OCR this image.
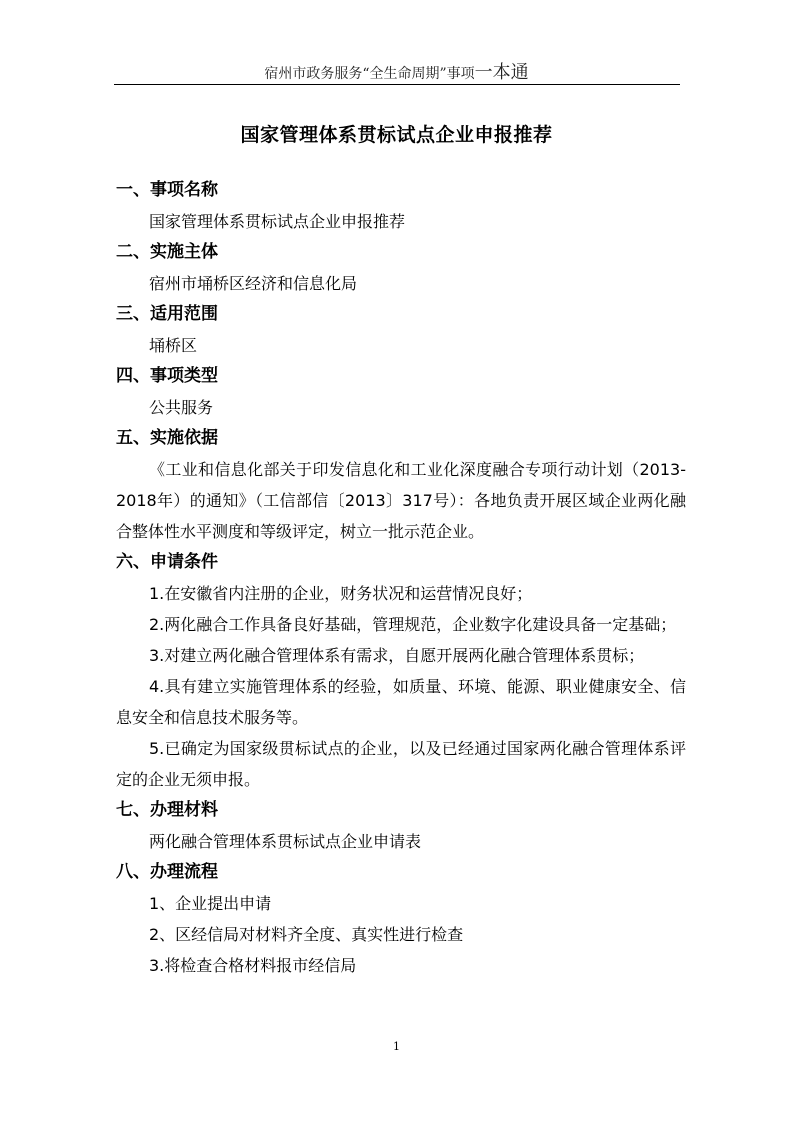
宿州市政务服务“全生命周期”事项一本通
国家管理体系贯标试点企业申报推荐
一、事项名称
国家管理体系贯标试点企业申报推荐
二、实施主体
宿州市埇桥区经济和信息化局
三、适用范围
埇桥区
四、事项类型
公共服务
五、实施依据
《工业和信息化部关于印发信息化和工业化深度融合专项行动计划（2013-2018年）的通知》（工信部信〔2013〕317号）：各地负责开展区域企业两化融合整体性水平测度和等级评定，树立一批示范企业。
六、申请条件
1.在安徽省内注册的企业，财务状况和运营情况良好；
2.两化融合工作具备良好基础，管理规范，企业数字化建设具备一定基础；
3.对建立两化融合管理体系有需求，自愿开展两化融合管理体系贯标；
4.具有建立实施管理体系的经验，如质量、环境、能源、职业健康安全、信息安全和信息技术服务等。
5.已确定为国家级贯标试点的企业，以及已经通过国家两化融合管理体系评定的企业无须申报。
七、办理材料
两化融合管理体系贯标试点企业申请表
八、办理流程
1、企业提出申请
2、区经信局对材料齐全度、真实性进行检查
3.将检查合格材料报市经信局
1
